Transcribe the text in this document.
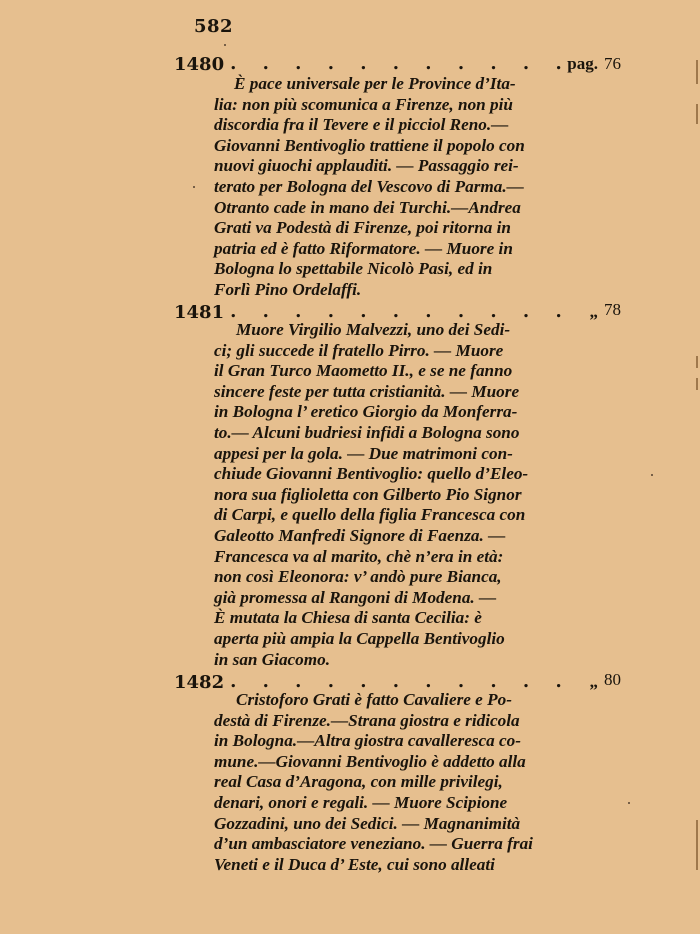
582
1480 . . .	pag. 76
È pace universale per le Province d’Ita-
lia: non più scomunica a Firenze, non più
discordia fra il Tevere e il picciol Reno.—
Giovanni Bentivoglio trattiene il popolo con
nuovi giuochi applauditi. — Passaggio rei-
terato per Bologna del Vescovo di Parma.—
Otranto cade in mano dei Turchi.—Andrea
Grati va Podestà di Firenze, poi ritorna in
patria ed è fatto Riformatore. — Muore in
Bologna lo spettabile Nicolò Pasi, ed in
Forlì Pino Ordelaffi.
1481 . . .	„ 78
Muore Virgilio Malvezzi, uno dei Sedi-
ci; gli succede il fratello Pirro. — Muore
il Gran Turco Maometto II., e se ne fanno
sincere feste per tutta cristianità. — Muore
in Bologna l’ eretico Giorgio da Monferra-
to.— Alcuni budriesi infidi a Bologna sono
appesi per la gola. — Due matrimoni con-
chiude Giovanni Bentivoglio: quello d’Eleo-
nora sua figlioletta con Gilberto Pio Signor
di Carpi, e quello della figlia Francesca con
Galeotto Manfredi Signore di Faenza. —
Francesca va al marito, chè n’era in età:
non così Eleonora: v’ andò pure Bianca,
già promessa al Rangoni di Modena. —
È mutata la Chiesa di santa Cecilia: è
aperta più ampia la Cappella Bentivoglio
in san Giacomo.
1482 . . .	„ 80
Cristoforo Grati è fatto Cavaliere e Po-
destà di Firenze.—Strana giostra e ridicola
in Bologna.—Altra giostra cavalleresca co-
mune.—Giovanni Bentivoglio è addetto alla
real Casa d’Aragona, con mille privilegi,
denari, onori e regali. — Muore Scipione
Gozzadini, uno dei Sedici. — Magnanimità
d’un ambasciatore veneziano. — Guerra frai
Veneti e il Duca d’ Este, cui sono alleati
